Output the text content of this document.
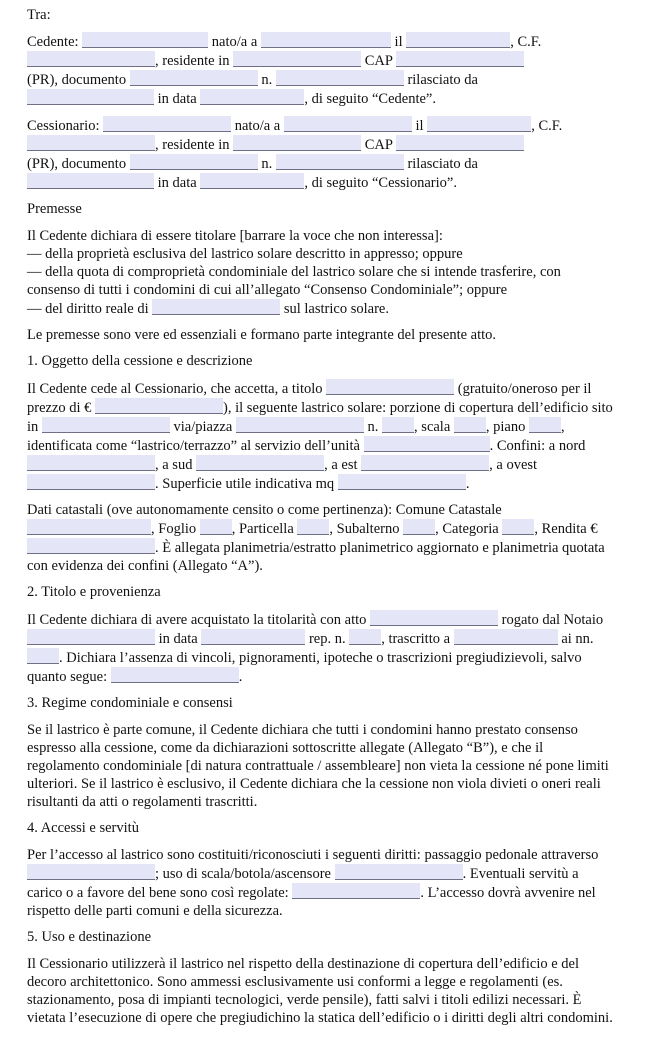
Tra:

Cedente:	nato/a a	il	, C.F.

, residente in	CAP

(PR), documento	n.	rilasciato da

in data	, di seguito “Cedente”.

Cessionario:	nato/a a	il	, C.F.

, residente in	CAP

(PR), documento	n.	rilasciato da

in data	, di seguito “Cessionario”.

Premesse

Il Cedente dichiara di essere titolare [barrare la voce che non interessa]:

— della proprietà esclusiva del lastrico solare descritto in appresso; oppure

— della quota di comproprietà condominiale del lastrico solare che si intende trasferire, con consenso di tutti i condomini di cui all’allegato “Consenso Condominiale”; oppure

— del diritto reale di	sul lastrico solare.

Le premesse sono vere ed essenziali e formano parte integrante del presente atto.

1. Oggetto della cessione e descrizione

Il Cedente cede al Cessionario, che accetta, a titolo	(gratuito/oneroso per il prezzo di €	), il seguente lastrico solare: porzione di copertura dell’edificio sito in	via/piazza	n. , scala , piano , identificata come “lastrico/terrazzo” al servizio dell’unità	. Confini: a nord , a sud	, a est	, a ovest . Superficie utile indicativa mq	.

Dati catastali (ove autonomamente censito o come pertinenza): Comune Catastale , Foglio , Particella , Subalterno , Categoria , Rendita € . È allegata planimetria/estratto planimetrico aggiornato e planimetria quotata con evidenza dei confini (Allegato “A”).

2. Titolo e provenienza

Il Cedente dichiara di avere acquistato la titolarità con atto	rogato dal Notaio  in data	rep. n. , trascritto a	ai nn. . Dichiara l’assenza di vincoli, pignoramenti, ipoteche o trascrizioni pregiudizievoli, salvo quanto segue:	.

3. Regime condominiale e consensi

Se il lastrico è parte comune, il Cedente dichiara che tutti i condomini hanno prestato consenso espresso alla cessione, come da dichiarazioni sottoscritte allegate (Allegato “B”), e che il regolamento condominiale [di natura contrattuale / assembleare] non vieta la cessione né pone limiti ulteriori. Se il lastrico è esclusivo, il Cedente dichiara che la cessione non viola divieti o oneri reali risultanti da atti o regolamenti trascritti.

4. Accessi e servitù

Per l’accesso al lastrico sono costituiti/riconosciuti i seguenti diritti: passaggio pedonale attraverso ; uso di scala/botola/ascensore	. Eventuali servitù a carico o a favore del bene sono così regolate:	. L’accesso dovrà avvenire nel rispetto delle parti comuni e della sicurezza.

5. Uso e destinazione

Il Cessionario utilizzerà il lastrico nel rispetto della destinazione di copertura dell’edificio e del decoro architettonico. Sono ammessi esclusivamente usi conformi a legge e regolamenti (es. stazionamento, posa di impianti tecnologici, verde pensile), fatti salvi i titoli edilizi necessari. È vietata l’esecuzione di opere che pregiudichino la statica dell’edificio o i diritti degli altri condomini.
